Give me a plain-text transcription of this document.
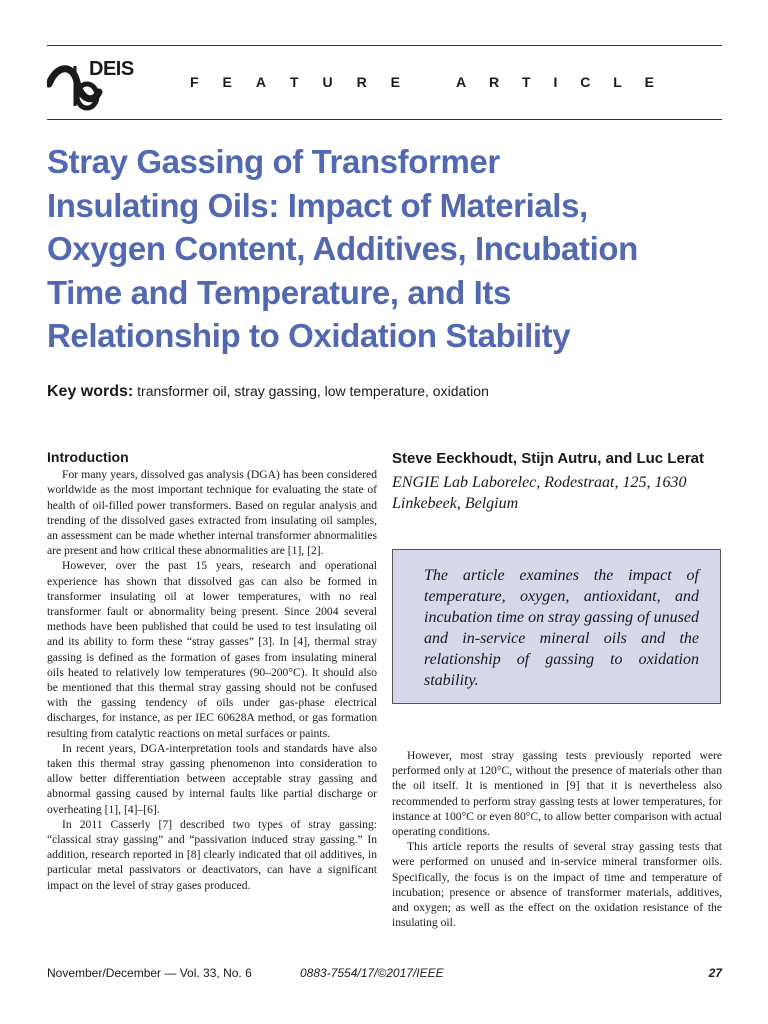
DEIS
F E A T U R E	A R T I C L E
Stray Gassing of Transformer
Insulating Oils: Impact of Materials,
Oxygen Content, Additives, Incubation
Time and Temperature, and Its
Relationship to Oxidation Stability
Key words: transformer oil, stray gassing, low temperature, oxidation
Introduction

For many years, dissolved gas analysis (DGA) has been considered worldwide as the most important technique for evaluating the state of health of oil-filled power transformers. Based on regular analysis and trending of the dissolved gases extracted from insulating oil samples, an assessment can be made whether internal transformer abnormalities are present and how critical these abnormalities are [1], [2].

However, over the past 15 years, research and operational experience has shown that dissolved gas can also be formed in transformer insulating oil at lower temperatures, with no real transformer fault or abnormality being present. Since 2004 several methods have been published that could be used to test insulating oil and its ability to form these “stray gasses” [3]. In [4], thermal stray gassing is defined as the formation of gases from insulating mineral oils heated to relatively low temperatures (90–200°C). It should also be mentioned that this thermal stray gassing should not be confused with the gassing tendency of oils under gas-phase electrical discharges, for instance, as per IEC 60628A method, or gas formation resulting from catalytic reactions on metal surfaces or paints.

In recent years, DGA-interpretation tools and standards have also taken this thermal stray gassing phenomenon into consideration to allow better differentiation between acceptable stray gassing and abnormal gassing caused by internal faults like partial discharge or overheating [1], [4]–[6].

In 2011 Casserly [7] described two types of stray gassing: “classical stray gassing” and “passivation induced stray gassing.” In addition, research reported in [8] clearly indicated that oil additives, in particular metal passivators or deactivators, can have a significant impact on the level of stray gases produced.

Steve Eeckhoudt, Stijn Autru, and Luc Lerat
ENGIE Lab Laborelec, Rodestraat, 125, 1630 Linkebeek, Belgium
The article examines the impact of temperature, oxygen, antioxidant, and incubation time on stray gassing of unused and in-service mineral oils and the relationship of gassing to oxidation stability.

However, most stray gassing tests previously reported were performed only at 120°C, without the presence of materials other than the oil itself. It is mentioned in [9] that it is nevertheless also recommended to perform stray gassing tests at lower temperatures, for instance at 100°C or even 80°C, to allow better comparison with actual operating conditions.

This article reports the results of several stray gassing tests that were performed on unused and in-service mineral transformer oils. Specifically, the focus is on the impact of time and temperature of incubation; presence or absence of transformer materials, additives, and oxygen; as well as the effect on the oxidation resistance of the insulating oil.

November/December — Vol. 33, No. 6	0883-7554/17/©2017/IEEE	27
